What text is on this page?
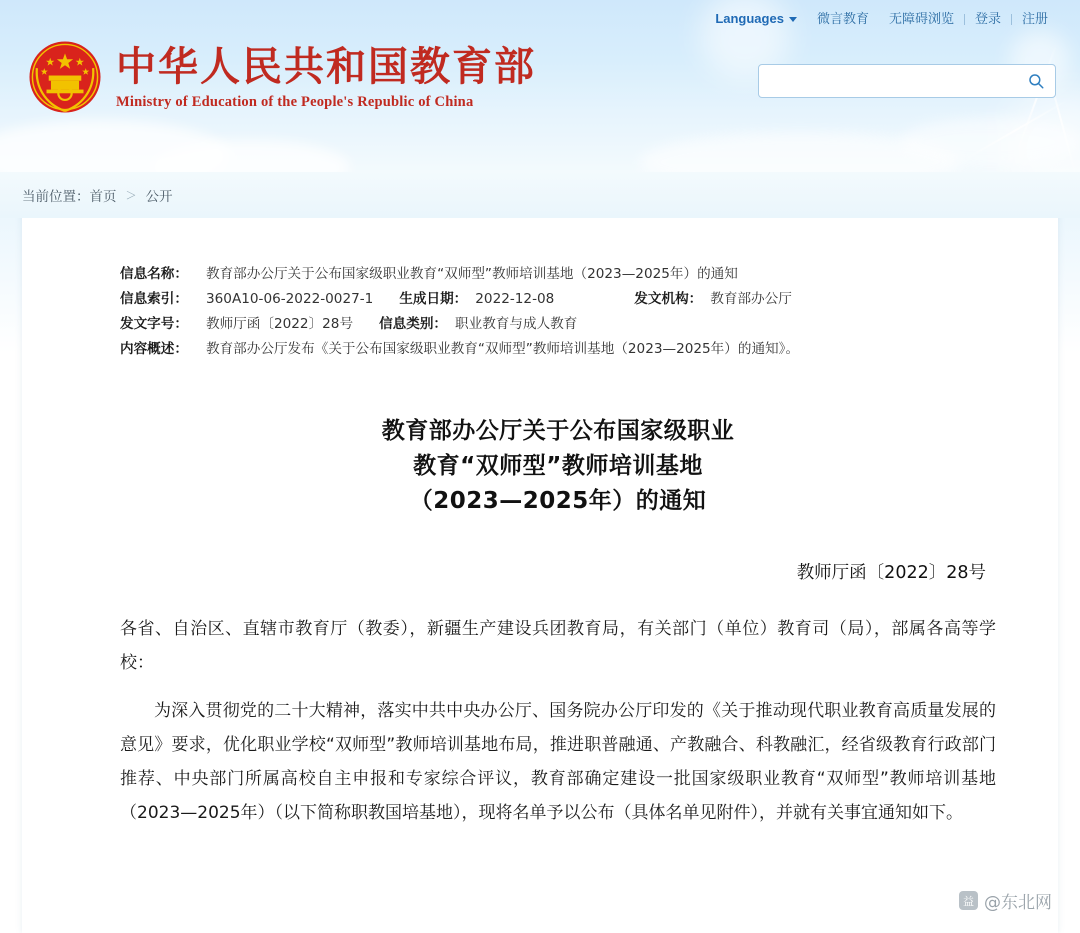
Languages	微言教育	无障碍浏览	登录	注册
中华人民共和国教育部
Ministry of Education of the People's Republic of China
当前位置： 首页 ＞ 公开
信息名称：	教育部办公厅关于公布国家级职业教育“双师型”教师培训基地（2023—2025年）的通知
信息索引：	360A10-06-2022-0027-1 生成日期： 2022-12-08	发文机构： 教育部办公厅
发文字号：	教师厅函〔2022〕28号 信息类别： 职业教育与成人教育
内容概述：	教育部办公厅发布《关于公布国家级职业教育“双师型”教师培训基地（2023—2025年）的通知》。
教育部办公厅关于公布国家级职业
教育“双师型”教师培训基地
（2023—2025年）的通知
教师厅函〔2022〕28号

各省、自治区、直辖市教育厅（教委），新疆生产建设兵团教育局，有关部门（单位）教育司（局），部属各高等学校：

为深入贯彻党的二十大精神，落实中共中央办公厅、国务院办公厅印发的《关于推动现代职业教育高质量发展的意见》要求，优化职业学校“双师型”教师培训基地布局，推进职普融通、产教融合、科教融汇，经省级教育行政部门推荐、中央部门所属高校自主申报和专家综合评议，教育部确定建设一批国家级职业教育“双师型”教师培训基地（2023—2025年）（以下简称职教国培基地），现将名单予以公布（具体名单见附件），并就有关事宜通知如下。

益 @东北网
